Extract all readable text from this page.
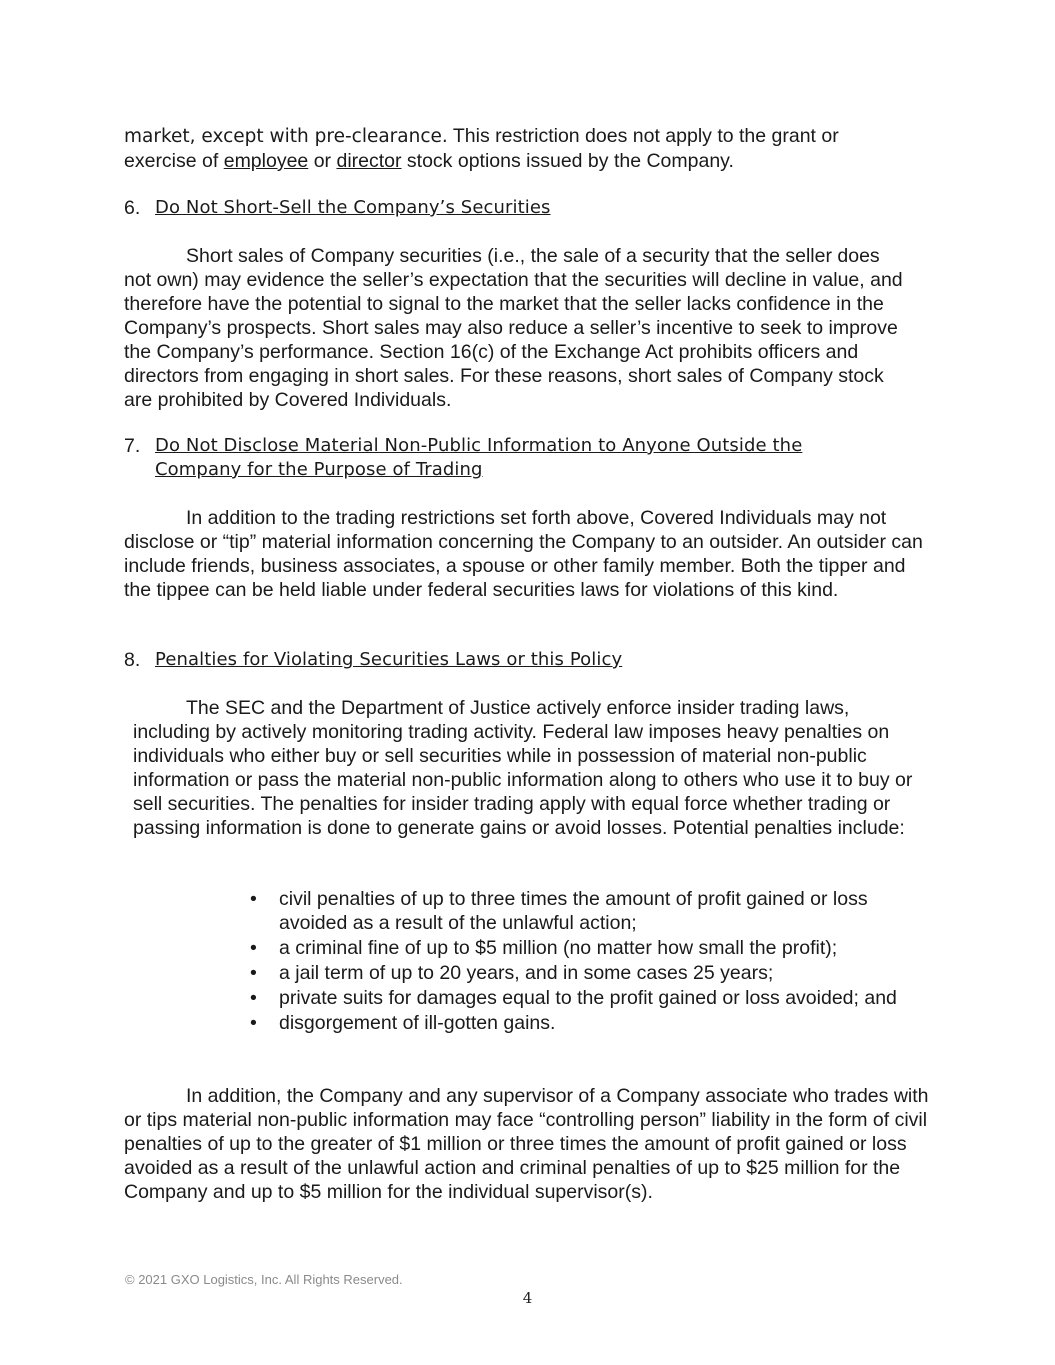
market, except with pre-clearance. This restriction does not apply to the grant or

exercise of employee or director stock options issued by the Company.

6. Do Not Short-Sell the Company’s Securities

Short sales of Company securities (i.e., the sale of a security that the seller does not own) may evidence the seller’s expectation that the securities will decline in value, and therefore have the potential to signal to the market that the seller lacks confidence in the Company’s prospects. Short sales may also reduce a seller’s incentive to seek to improve the Company’s performance. Section 16(c) of the Exchange Act prohibits officers and directors from engaging in short sales. For these reasons, short sales of Company stock are prohibited by Covered Individuals.

7. Do Not Disclose Material Non-Public Information to Anyone Outside the
Company for the Purpose of Trading

In addition to the trading restrictions set forth above, Covered Individuals may not disclose or “tip” material information concerning the Company to an outsider. An outsider can include friends, business associates, a spouse or other family member. Both the tipper and the tippee can be held liable under federal securities laws for violations of this kind.

8. Penalties for Violating Securities Laws or this Policy

The SEC and the Department of Justice actively enforce insider trading laws, including by actively monitoring trading activity. Federal law imposes heavy penalties on individuals who either buy or sell securities while in possession of material non-public information or pass the material non-public information along to others who use it to buy or sell securities. The penalties for insider trading apply with equal force whether trading or passing information is done to generate gains or avoid losses. Potential penalties include:

• civil penalties of up to three times the amount of profit gained or loss avoided as a result of the unlawful action;
• a criminal fine of up to $5 million (no matter how small the profit);
• a jail term of up to 20 years, and in some cases 25 years;
• private suits for damages equal to the profit gained or loss avoided; and
• disgorgement of ill-gotten gains.

In addition, the Company and any supervisor of a Company associate who trades with or tips material non-public information may face “controlling person” liability in the form of civil penalties of up to the greater of $1 million or three times the amount of profit gained or loss avoided as a result of the unlawful action and criminal penalties of up to $25 million for the Company and up to $5 million for the individual supervisor(s).

© 2021 GXO Logistics, Inc. All Rights Reserved.
4
